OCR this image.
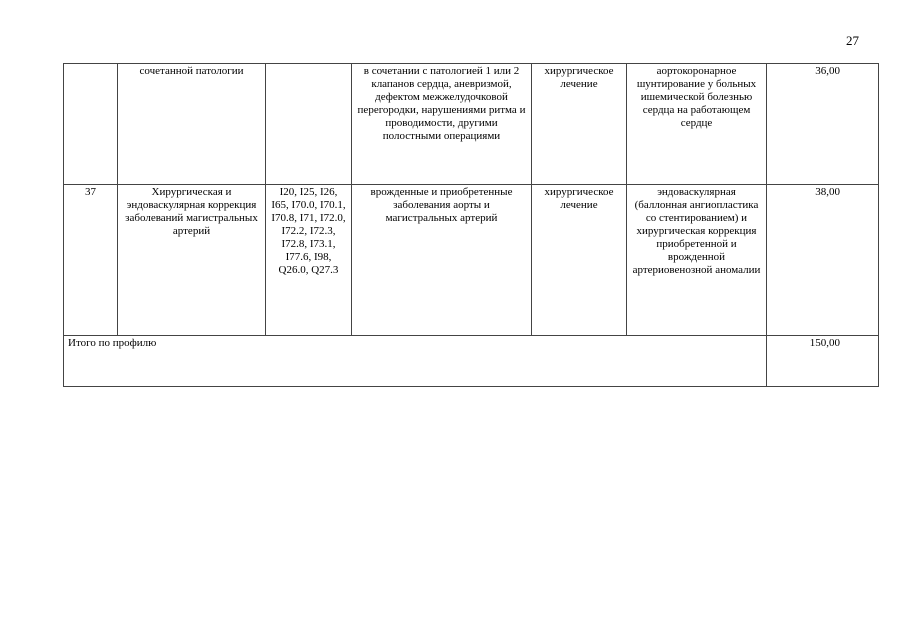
27
	сочетанной патологии		в сочетании с патологией 1 или 2 клапанов сердца, аневризмой, дефектом межжелудочковой перегородки, нарушениями ритма и проводимости, другими полостными операциями	хирургическое лечение	аортокоронарное шунтирование у больных ишемической болезнью сердца на работающем сердце	36,00
37	Хирургическая и эндоваскулярная коррекция заболеваний магистральных артерий	I20, I25, I26, I65, I70.0, I70.1, I70.8, I71, I72.0, I72.2, I72.3, I72.8, I73.1, I77.6, I98, Q26.0, Q27.3	врожденные и приобретенные заболевания аорты и магистральных артерий	хирургическое лечение	эндоваскулярная (баллонная ангиопластика со стентированием) и хирургическая коррекция приобретенной и врожденной артериовенозной аномалии	38,00
Итого по профилю						150,00
